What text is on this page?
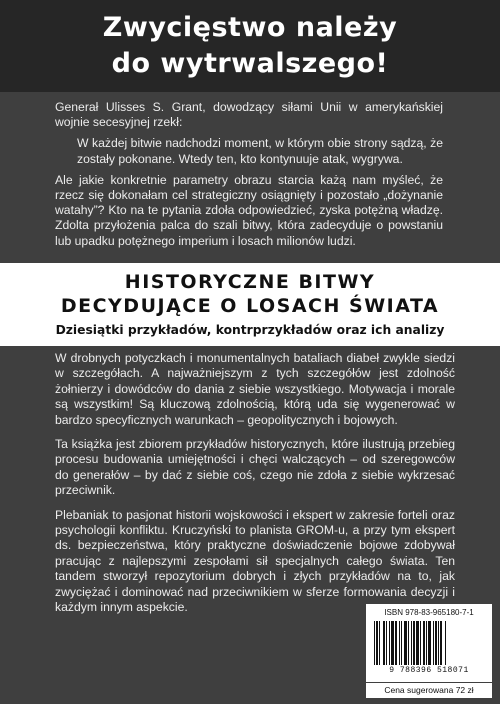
Zwycięstwo należy
do wytrwalszego!

Generał Ulisses S. Grant, dowodzący siłami Unii w amerykańskiej wojnie secesyjnej rzekł:

W każdej bitwie nadchodzi moment, w którym obie strony sądzą, że zostały pokonane. Wtedy ten, kto kontynuuje atak, wygrywa.

Ale jakie konkretnie parametry obrazu starcia każą nam myśleć, że rzecz się dokonałam cel strategiczny osiągnięty i pozostało „dożynanie watahy”? Kto na te pytania zdoła odpowiedzieć, zyska potężną władzę. Zdolta przyłożenia palca do szali bitwy, która zadecyduje o powstaniu lub upadku potężnego imperium i losach milionów ludzi.

HISTORYCZNE BITWY
DECYDUJĄCE O LOSACH ŚWIATA
Dziesiątki przykładów, kontrprzykładów oraz ich analizy

W drobnych potyczkach i monumentalnych bataliach diabeł zwykle siedzi w szczegółach. A najważniejszym z tych szczegółów jest zdolność żołnierzy i dowódców do dania z siebie wszystkiego. Motywacja i morale są wszystkim! Są kluczową zdolnością, którą uda się wygenerować w bardzo specyficznych warunkach – geopolitycznych i bojowych.

Ta książka jest zbiorem przykładów historycznych, które ilustrują przebieg procesu budowania umiejętności i chęci walczących – od szeregowców do generałów – by dać z siebie coś, czego nie zdoła z siebie wykrzesać przeciwnik.

Plebaniak to pasjonat historii wojskowości i ekspert w zakresie forteli oraz psychologii konfliktu. Kruczyński to planista GROM-u, a przy tym ekspert ds. bezpieczeństwa, który praktyczne doświadczenie bojowe zdobywał pracując z najlepszymi zespołami sił specjalnych całego świata. Ten tandem stworzył repozytorium dobrych i złych przykładów na to, jak zwyciężać i dominować nad przeciwnikiem w sferze formowania decyzji i każdym innym aspekcie.	ISBN 978-83-965180-7-1
9 788396 518071
Cena sugerowana 72 zł
